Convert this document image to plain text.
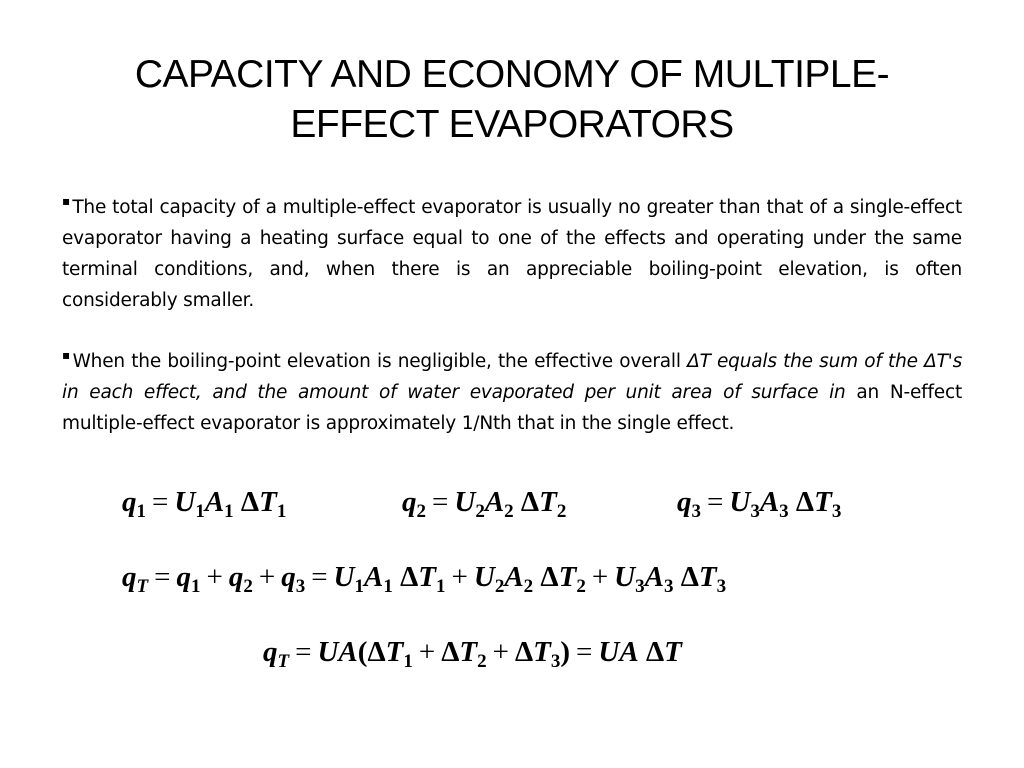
CAPACITY AND ECONOMY OF MULTIPLE-
EFFECT EVAPORATORS
▪ The total capacity of a multiple-effect evaporator is usually no greater than that of a single-effect evaporator having a heating surface equal to one of the effects and operating under the same terminal conditions, and, when there is an appreciable boiling-point elevation, is often considerably smaller.
▪ When the boiling-point elevation is negligible, the effective overall ΔT equals the sum of the ΔT's in each effect, and the amount of water evaporated per unit area of surface in an N-effect multiple-effect evaporator is approximately 1/Nth that in the single effect.
$q_1 = U_1A_1$ $\Delta T_1$	$q_2 = U_2A_2$ $\Delta T_2$	$q_3 = U_3A_3$ $\Delta T_3$
$q_T = q_1 + q_2 + q_3 = U_1A_1$ $\Delta T_1 + U_2A_2$ $\Delta T_2 + U_3A_3$ $\Delta T_3$
$q_T = UA(\Delta T_1 + \Delta T_2 + \Delta T_3)$ = UA ΔT
